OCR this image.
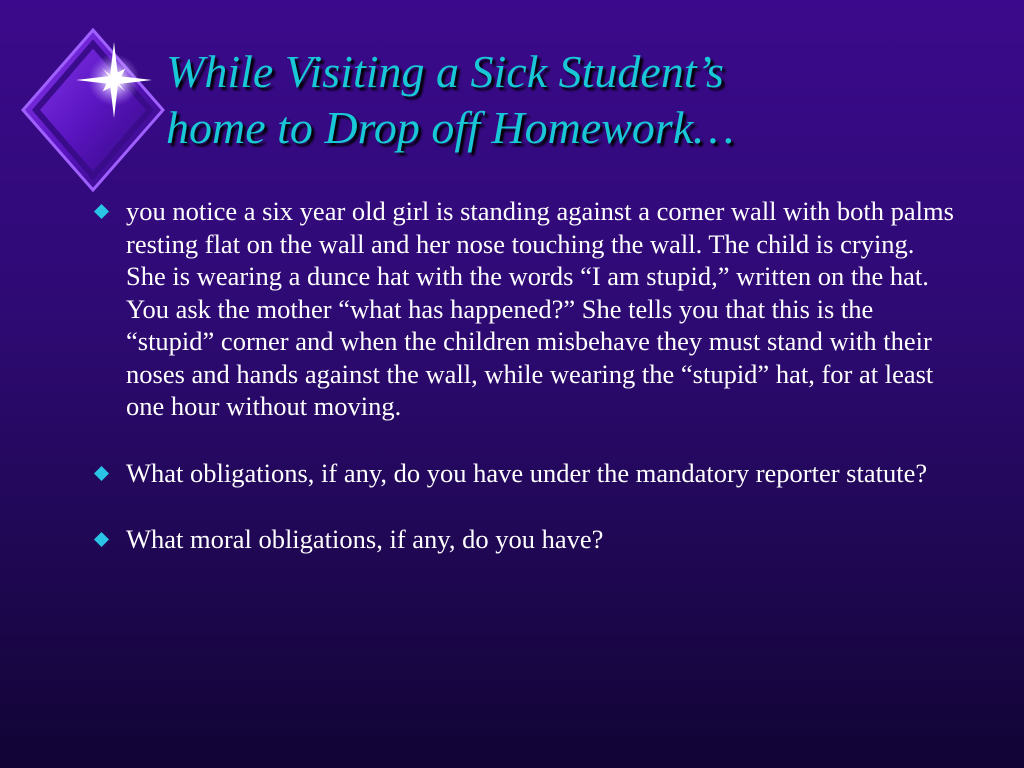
While Visiting a Sick Student’s
home to Drop off Homework…
you notice a six year old girl is standing against a corner wall with both palms resting flat on the wall and her nose touching the wall. The child is crying. She is wearing a dunce hat with the words “I am stupid,” written on the hat. You ask the mother “what has happened?” She tells you that this is the “stupid” corner and when the children misbehave they must stand with their noses and hands against the wall, while wearing the “stupid” hat, for at least one hour without moving.
What obligations, if any, do you have under the mandatory reporter statute?
What moral obligations, if any, do you have?
